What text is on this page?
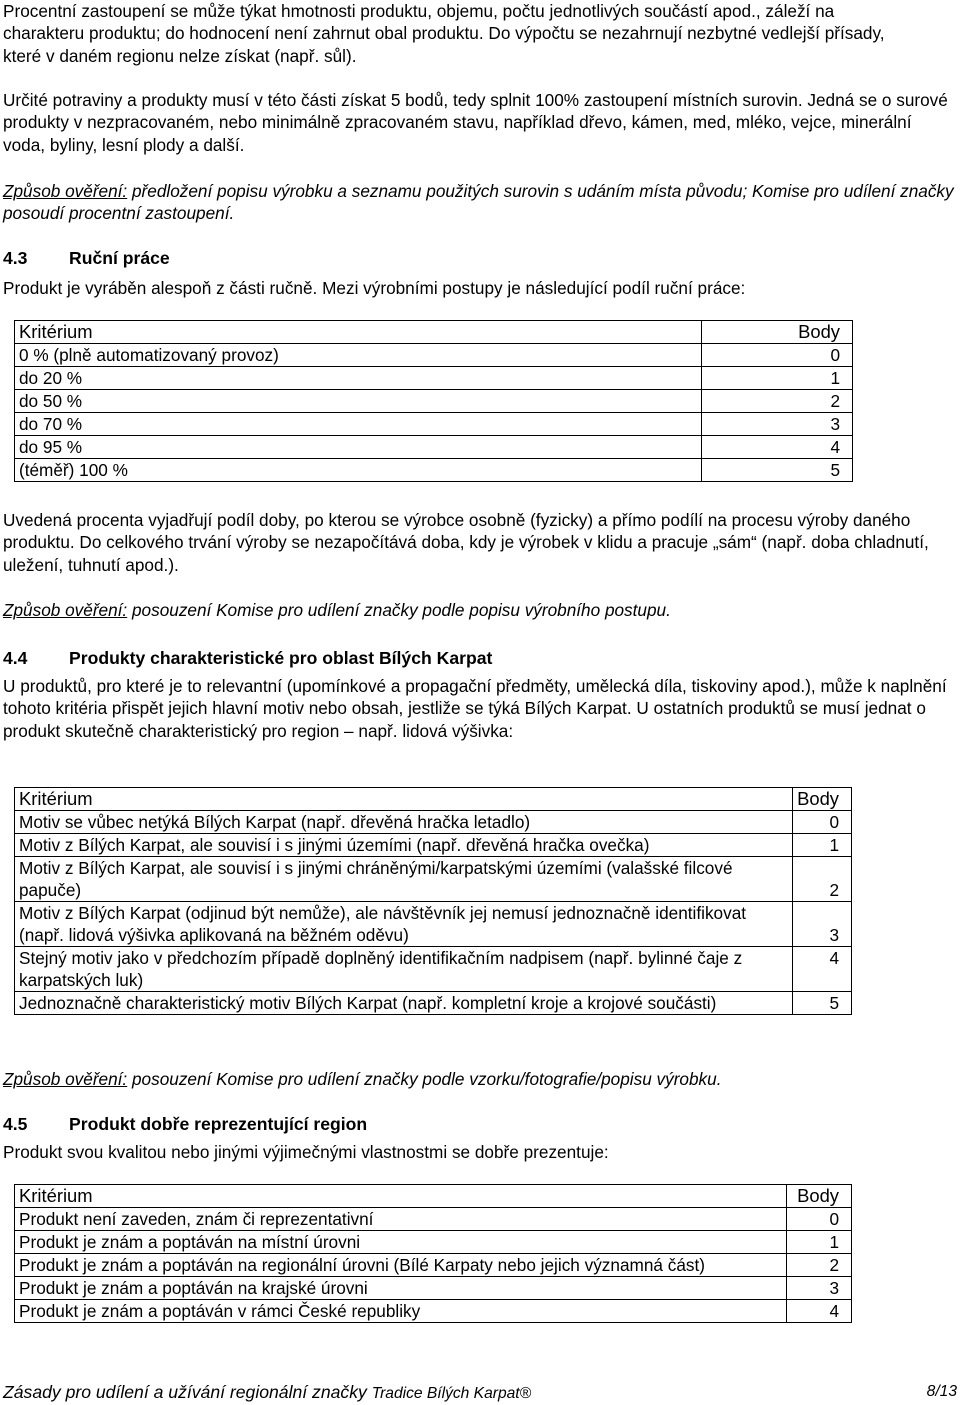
Procentní zastoupení se může týkat hmotnosti produktu, objemu, počtu jednotlivých součástí apod., záleží na charakteru produktu; do hodnocení není zahrnut obal produktu. Do výpočtu se nezahrnují nezbytné vedlejší přísady, které v daném regionu nelze získat (např. sůl).

Určité potraviny a produkty musí v této části získat 5 bodů, tedy splnit 100% zastoupení místních surovin. Jedná se o surové produkty v nezpracovaném, nebo minimálně zpracovaném stavu, například dřevo, kámen, med, mléko, vejce, minerální voda, byliny, lesní plody a další.

Způsob ověření: předložení popisu výrobku a seznamu použitých surovin s udáním místa původu; Komise pro udílení značky posoudí procentní zastoupení.

4.3 Ruční práce

Produkt je vyráběn alespoň z části ručně. Mezi výrobními postupy je následující podíl ruční práce:

Kritérium	Body
0 % (plně automatizovaný provoz)	0
do 20 %	1
do 50 %	2
do 70 %	3
do 95 %	4
(téměř) 100 %	5

Uvedená procenta vyjadřují podíl doby, po kterou se výrobce osobně (fyzicky) a přímo podílí na procesu výroby daného produktu. Do celkového trvání výroby se nezapočítává doba, kdy je výrobek v klidu a pracuje „sám“ (např. doba chladnutí, uležení, tuhnutí apod.).

Způsob ověření: posouzení Komise pro udílení značky podle popisu výrobního postupu.

4.4 Produkty charakteristické pro oblast Bílých Karpat

U produktů, pro které je to relevantní (upomínkové a propagační předměty, umělecká díla, tiskoviny apod.), může k naplnění tohoto kritéria přispět jejich hlavní motiv nebo obsah, jestliže se týká Bílých Karpat. U ostatních produktů se musí jednat o produkt skutečně charakteristický pro region – např. lidová výšivka:

Kritérium	Body
Motiv se vůbec netýká Bílých Karpat (např. dřevěná hračka letadlo)	0
Motiv z Bílých Karpat, ale souvisí i s jinými územími (např. dřevěná hračka ovečka)	1
Motiv z Bílých Karpat, ale souvisí i s jinými chráněnými/karpatskými územími (valašské filcové papuče)	2
Motiv z Bílých Karpat (odjinud být nemůže), ale návštěvník jej nemusí jednoznačně identifikovat (např. lidová výšivka aplikovaná na běžném oděvu)	3
Stejný motiv jako v předchozím případě doplněný identifikačním nadpisem (např. bylinné čaje z karpatských luk)	4
Jednoznačně charakteristický motiv Bílých Karpat (např. kompletní kroje a krojové součásti)	5

Způsob ověření: posouzení Komise pro udílení značky podle vzorku/fotografie/popisu výrobku.

4.5 Produkt dobře reprezentující region

Produkt svou kvalitou nebo jinými výjimečnými vlastnostmi se dobře prezentuje:

Kritérium	Body
Produkt není zaveden, znám či reprezentativní	0
Produkt je znám a poptáván na místní úrovni	1
Produkt je znám a poptáván na regionální úrovni (Bílé Karpaty nebo jejich významná část)	2
Produkt je znám a poptáván na krajské úrovni	3
Produkt je znám a poptáván v rámci České republiky	4
Zásady pro udílení a užívání regionální značky Tradice Bílých Karpat®	8/13
